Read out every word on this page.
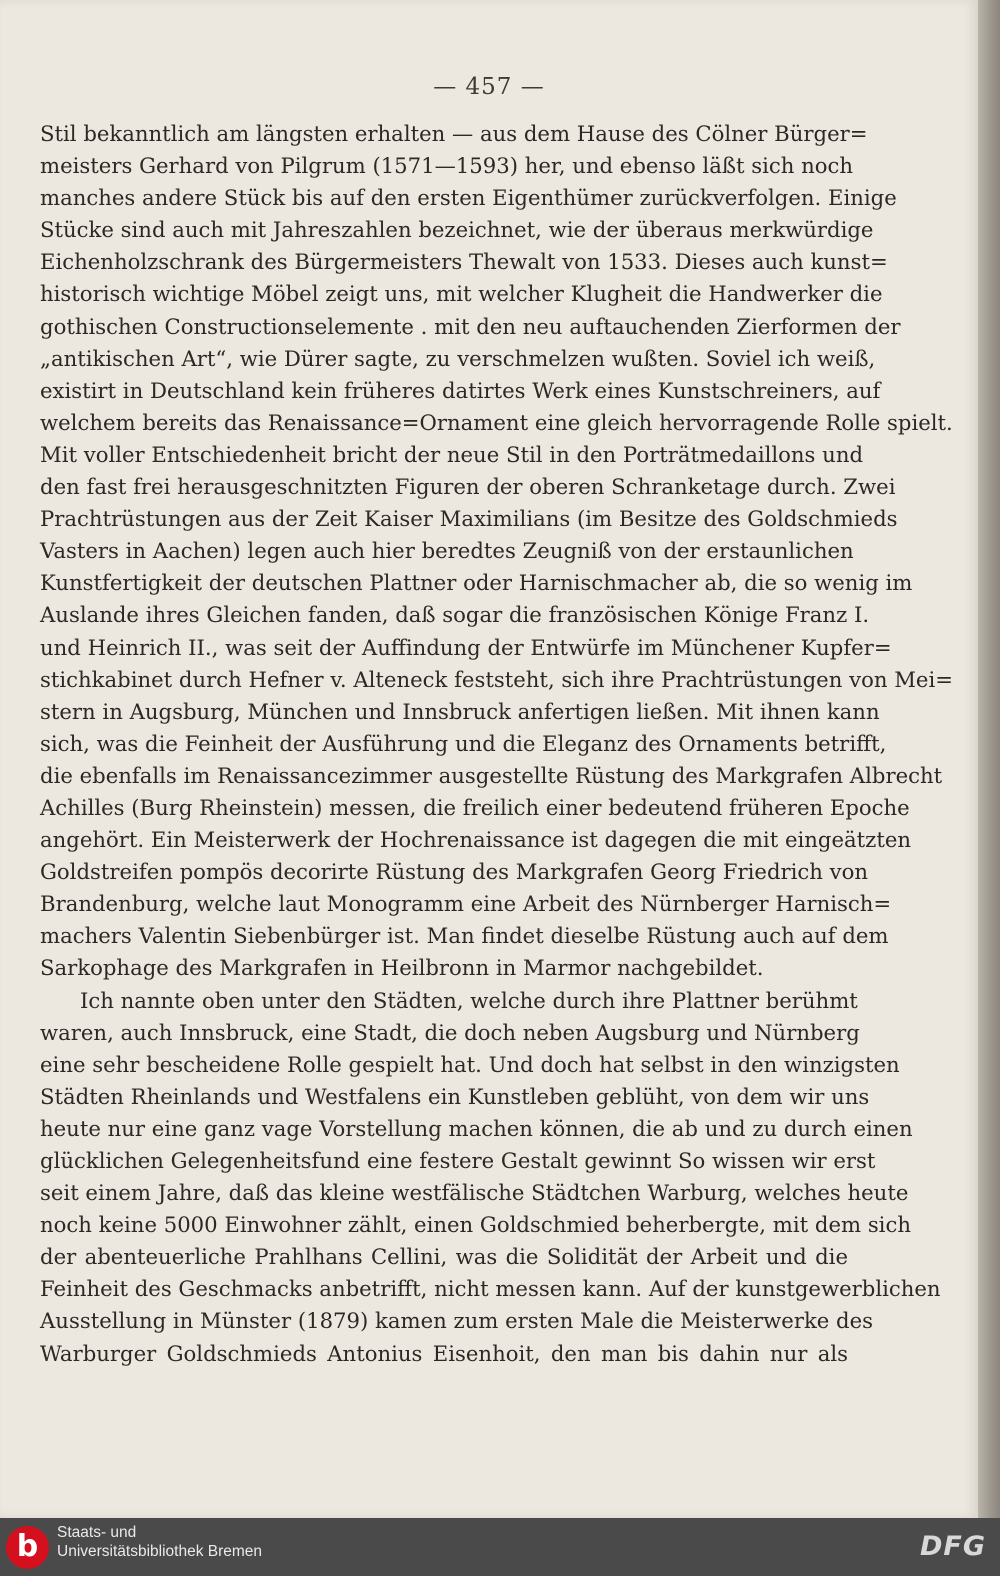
— 457 —
Stil bekanntlich am längsten erhalten — aus dem Hause des Cölner Bürger=
meisters Gerhard von Pilgrum (1571—1593) her, und ebenso läßt sich noch
manches andere Stück bis auf den ersten Eigenthümer zurückverfolgen. Einige
Stücke sind auch mit Jahreszahlen bezeichnet, wie der überaus merkwürdige
Eichenholzschrank des Bürgermeisters Thewalt von 1533. Dieses auch kunst=
historisch wichtige Möbel zeigt uns, mit welcher Klugheit die Handwerker die
gothischen Constructionselemente . mit den neu auftauchenden Zierformen der
„antikischen Art“, wie Dürer sagte, zu verschmelzen wußten. Soviel ich weiß,
existirt in Deutschland kein früheres datirtes Werk eines Kunstschreiners, auf
welchem bereits das Renaissance=Ornament eine gleich hervorragende Rolle spielt.
Mit voller Entschiedenheit bricht der neue Stil in den Porträtmedaillons und
den fast frei herausgeschnitzten Figuren der oberen Schranketage durch. Zwei
Prachtrüstungen aus der Zeit Kaiser Maximilians (im Besitze des Goldschmieds
Vasters in Aachen) legen auch hier beredtes Zeugniß von der erstaunlichen
Kunstfertigkeit der deutschen Plattner oder Harnischmacher ab, die so wenig im
Auslande ihres Gleichen fanden, daß sogar die französischen Könige Franz I.
und Heinrich II., was seit der Auffindung der Entwürfe im Münchener Kupfer=
stichkabinet durch Hefner v. Alteneck feststeht, sich ihre Prachtrüstungen von Mei=
stern in Augsburg, München und Innsbruck anfertigen ließen. Mit ihnen kann
sich, was die Feinheit der Ausführung und die Eleganz des Ornaments betrifft,
die ebenfalls im Renaissancezimmer ausgestellte Rüstung des Markgrafen Albrecht
Achilles (Burg Rheinstein) messen, die freilich einer bedeutend früheren Epoche
angehört. Ein Meisterwerk der Hochrenaissance ist dagegen die mit eingeätzten
Goldstreifen pompös decorirte Rüstung des Markgrafen Georg Friedrich von
Brandenburg, welche laut Monogramm eine Arbeit des Nürnberger Harnisch=
machers Valentin Siebenbürger ist. Man findet dieselbe Rüstung auch auf dem
Sarkophage des Markgrafen in Heilbronn in Marmor nachgebildet.
Ich nannte oben unter den Städten, welche durch ihre Plattner berühmt
waren, auch Innsbruck, eine Stadt, die doch neben Augsburg und Nürnberg
eine sehr bescheidene Rolle gespielt hat. Und doch hat selbst in den winzigsten
Städten Rheinlands und Westfalens ein Kunstleben geblüht, von dem wir uns
heute nur eine ganz vage Vorstellung machen können, die ab und zu durch einen
glücklichen Gelegenheitsfund eine festere Gestalt gewinnt So wissen wir erst
seit einem Jahre, daß das kleine westfälische Städtchen Warburg, welches heute
noch keine 5000 Einwohner zählt, einen Goldschmied beherbergte, mit dem sich
der abenteuerliche Prahlhans Cellini, was die Solidität der Arbeit und die
Feinheit des Geschmacks anbetrifft, nicht messen kann. Auf der kunstgewerblichen
Ausstellung in Münster (1879) kamen zum ersten Male die Meisterwerke des
Warburger Goldschmieds Antonius Eisenhoit, den man bis dahin nur als
b	Staats- und
Universitätsbibliothek Bremen	DFG
